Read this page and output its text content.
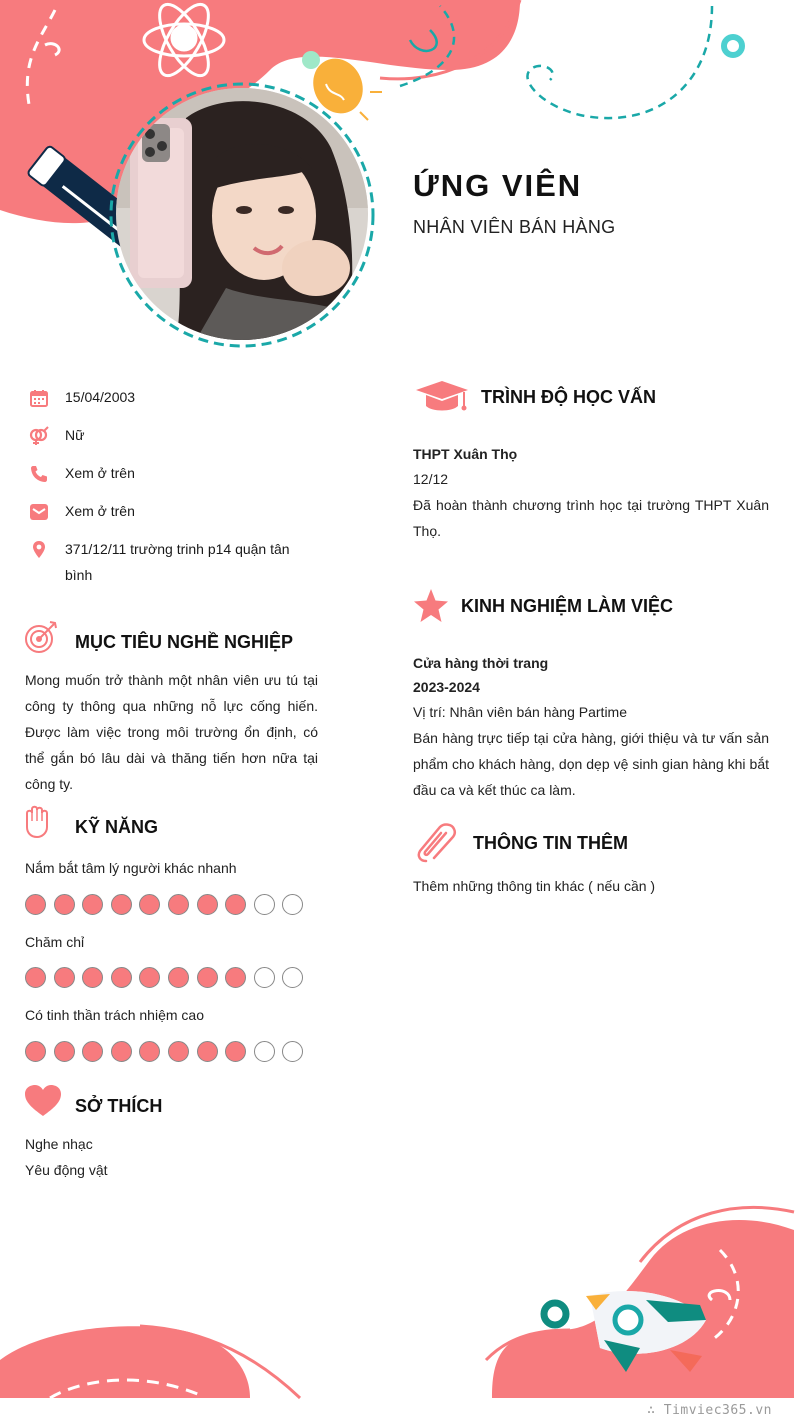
ỨNG VIÊN
NHÂN VIÊN BÁN HÀNG
15/04/2003
Nữ
Xem ở trên
Xem ở trên
371/12/11 trường trinh p14 quận tân bình
MỤC TIÊU NGHỀ NGHIỆP
Mong muốn trở thành một nhân viên ưu tú tại công ty thông qua những nỗ lực cống hiến. Được làm việc trong môi trường ổn định, có thể gắn bó lâu dài và thăng tiến hơn nữa tại công ty.
KỸ NĂNG
Nắm bắt tâm lý người khác nhanh
Chăm chỉ
Có tinh thần trách nhiệm cao
SỞ THÍCH
Nghe nhạc
Yêu động vật
TRÌNH ĐỘ HỌC VẤN
THPT Xuân Thọ
12/12
Đã hoàn thành chương trình học tại trường THPT Xuân Thọ.
KINH NGHIỆM LÀM VIỆC
Cửa hàng thời trang
2023-2024
Vị trí: Nhân viên bán hàng Partime
Bán hàng trực tiếp tại cửa hàng, giới thiệu và tư vấn sản phẩm cho khách hàng, dọn dẹp vệ sinh gian hàng khi bắt đầu ca và kết thúc ca làm.
THÔNG TIN THÊM
Thêm những thông tin khác ( nếu cần )
∴ Timviec365.vn
